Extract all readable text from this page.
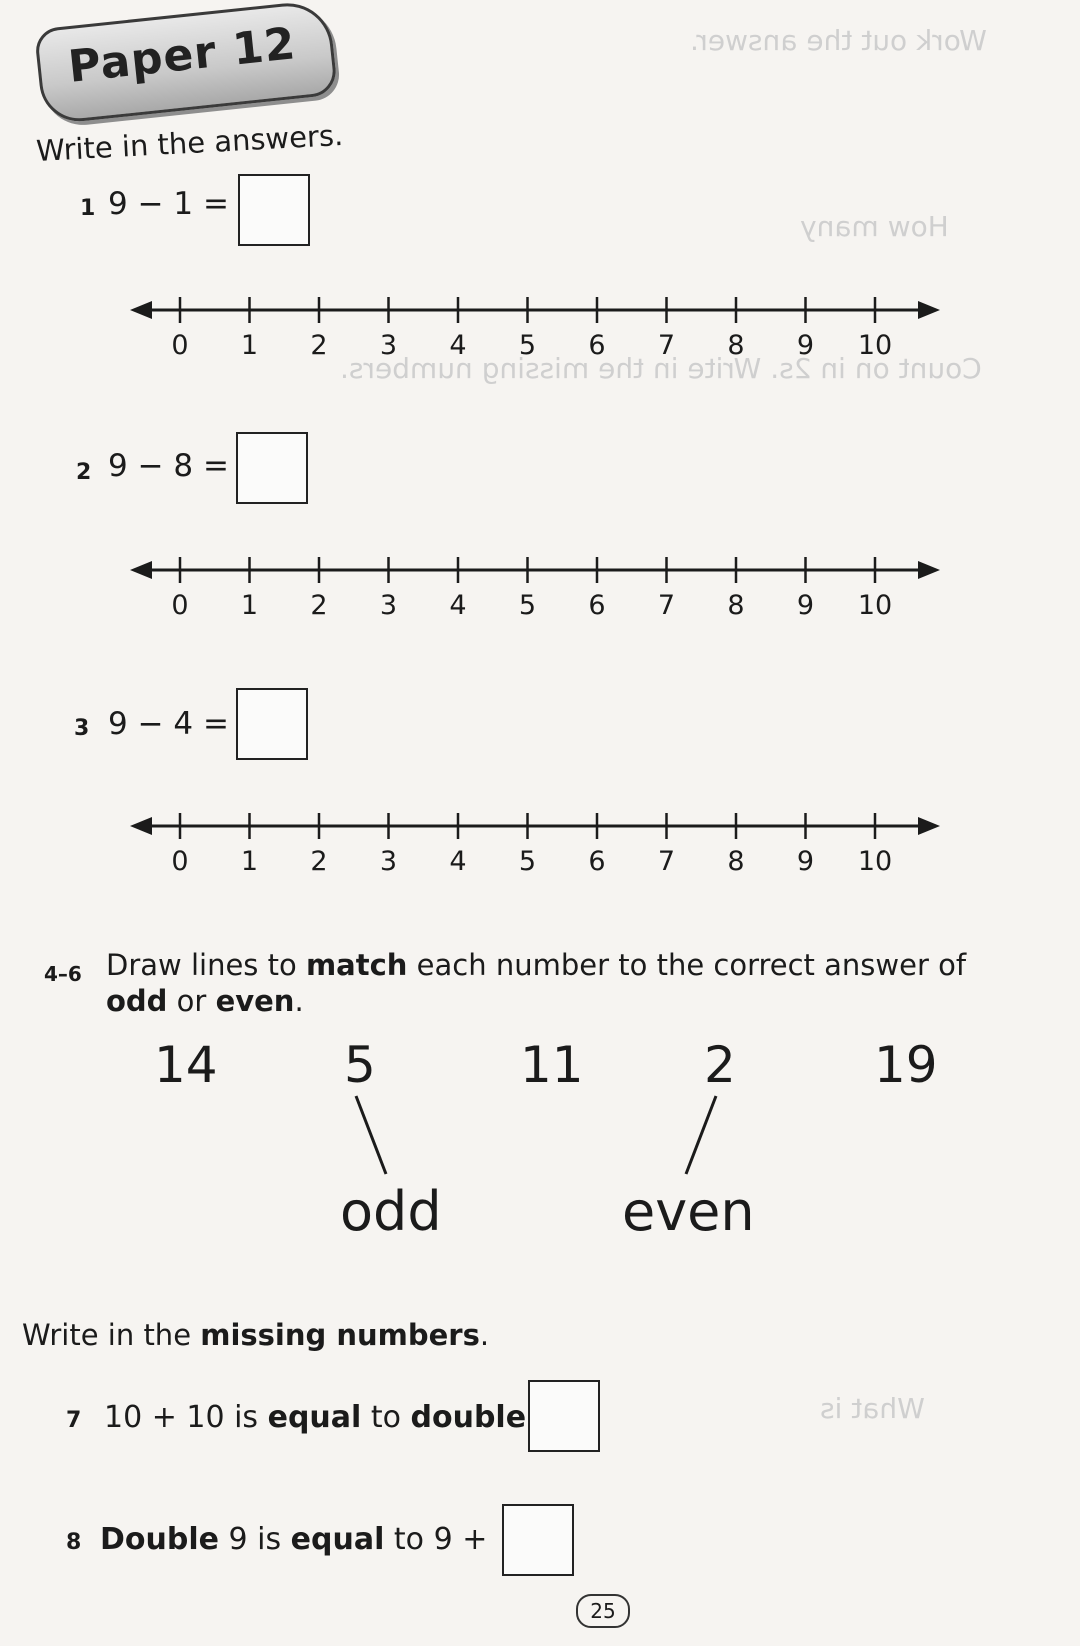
Work out the answer.
How many
Count on in 2s. Write in the missing numbers.
What is
Paper 12
Write in the answers.
1 9 − 1 =
2 9 − 8 =
3 9 − 4 =
0 1 2 3 4 5 6 7 8 9 10
0 1 2 3 4 5 6 7 8 9 10
0 1 2 3 4 5 6 7 8 9 10
4–6 Draw lines to match each number to the correct answer of
odd or even.
14	5	11 2	19
odd	even
Write in the missing numbers.
7 10 + 10 is equal to double
8 Double 9 is equal to 9 +
25
